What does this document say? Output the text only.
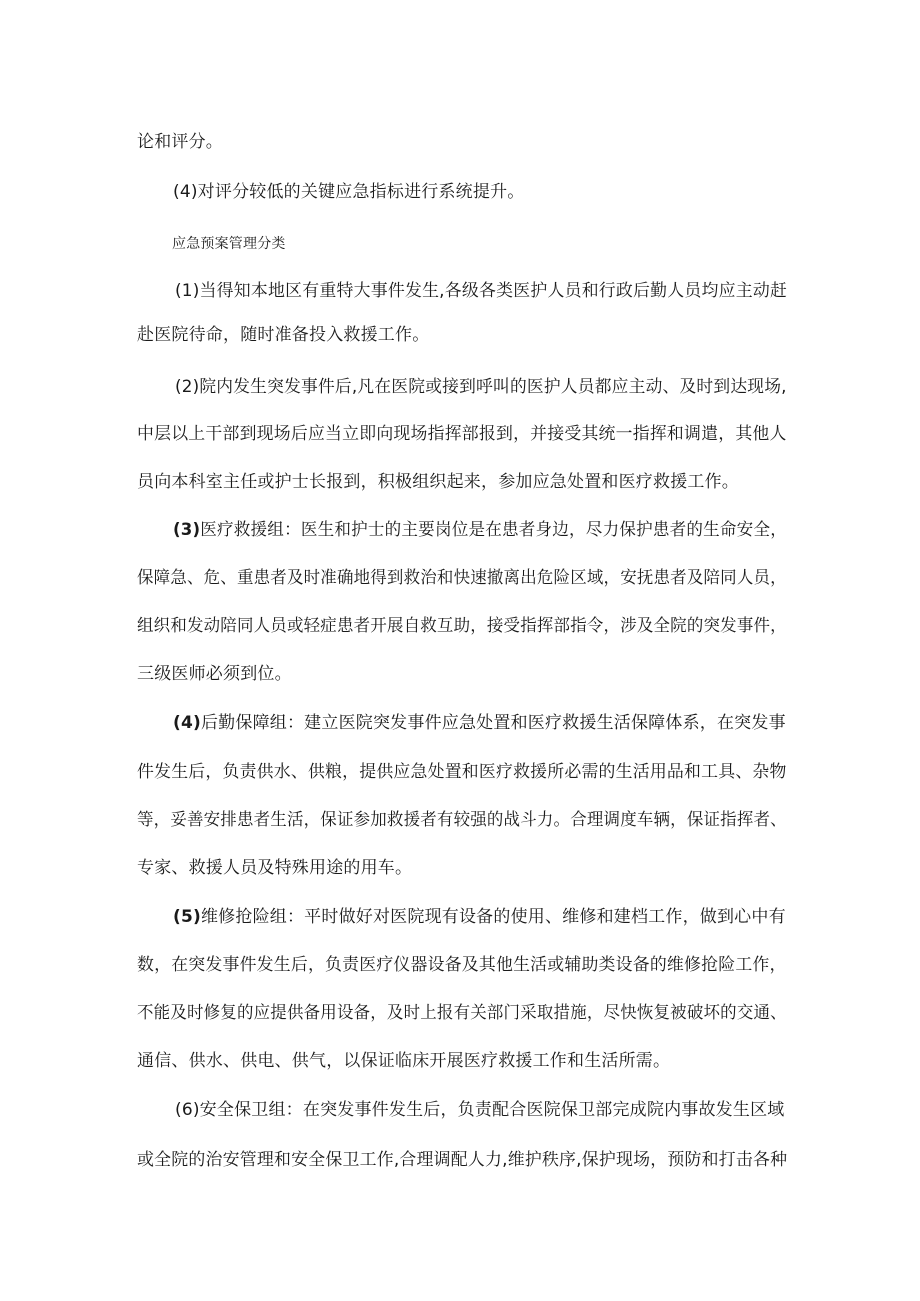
论和评分。
(4)对评分较低的关键应急指标进行系统提升。
应急预案管理分类
(1)当得知本地区有重特大事件发生,各级各类医护人员和行政后勤人员均应主动赶
赴医院待命，随时准备投入救援工作。
(2)院内发生突发事件后,凡在医院或接到呼叫的医护人员都应主动、及时到达现场,
中层以上干部到现场后应当立即向现场指挥部报到，并接受其统一指挥和调遣，其他人
员向本科室主任或护士长报到，积极组织起来，参加应急处置和医疗救援工作。
(3)医疗救援组：医生和护士的主要岗位是在患者身边，尽力保护患者的生命安全，
保障急、危、重患者及时准确地得到救治和快速撤离出危险区域，安抚患者及陪同人员，
组织和发动陪同人员或轻症患者开展自救互助，接受指挥部指令，涉及全院的突发事件，
三级医师必须到位。
(4)后勤保障组：建立医院突发事件应急处置和医疗救援生活保障体系，在突发事
件发生后，负责供水、供粮，提供应急处置和医疗救援所必需的生活用品和工具、杂物
等，妥善安排患者生活，保证参加救援者有较强的战斗力。合理调度车辆，保证指挥者、
专家、救援人员及特殊用途的用车。
(5)维修抢险组：平时做好对医院现有设备的使用、维修和建档工作，做到心中有
数，在突发事件发生后，负责医疗仪器设备及其他生活或辅助类设备的维修抢险工作，
不能及时修复的应提供备用设备，及时上报有关部门采取措施，尽快恢复被破坏的交通、
通信、供水、供电、供气，以保证临床开展医疗救援工作和生活所需。
(6)安全保卫组：在突发事件发生后，负责配合医院保卫部完成院内事故发生区域
或全院的治安管理和安全保卫工作,合理调配人力,维护秩序,保护现场，预防和打击各种
